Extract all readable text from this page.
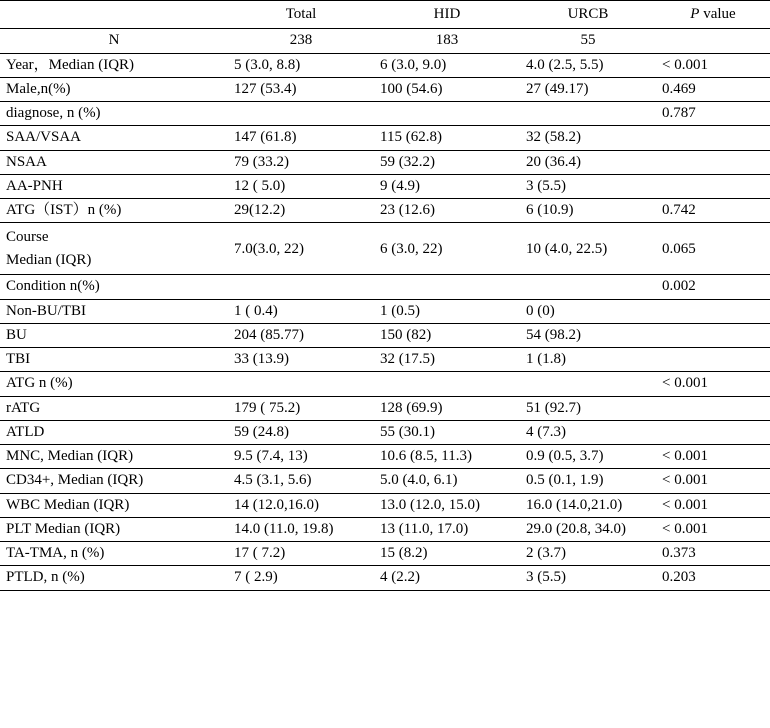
	Total	HID	URCB	P value

N	238	183	55	

Year，Median (IQR)	5 (3.0, 8.8)	6 (3.0, 9.0)	4.0 (2.5, 5.5)	< 0.001

Male,n(%)	127 (53.4)	100 (54.6)	27 (49.17)	0.469

diagnose, n (%)				0.787

SAA/VSAA	147 (61.8)	115 (62.8)	32 (58.2)	

NSAA	79 (33.2)	59 (32.2)	20 (36.4)	

AA-PNH	12 ( 5.0)	9 (4.9)	3 (5.5)	

ATG（IST）n (%)	29(12.2)	23 (12.6)	6 (10.9)	0.742

Course
Median (IQR)	7.0(3.0, 22)	6 (3.0, 22)	10 (4.0, 22.5)	0.065

Condition n(%)				0.002

Non-BU/TBI	1 ( 0.4)	1 (0.5)	0 (0)	

BU	204 (85.77)	150 (82)	54 (98.2)	

TBI	33 (13.9)	32 (17.5)	1 (1.8)	

ATG n (%)				< 0.001

rATG	179 ( 75.2)	128 (69.9)	51 (92.7)	

ATLD	59 (24.8)	55 (30.1)	4 (7.3)	

MNC, Median (IQR)	9.5 (7.4, 13)	10.6 (8.5, 11.3)	0.9 (0.5, 3.7)	< 0.001

CD34+, Median (IQR)	4.5 (3.1, 5.6)	5.0 (4.0, 6.1)	0.5 (0.1, 1.9)	< 0.001

WBC Median (IQR)	14 (12.0,16.0)	13.0 (12.0, 15.0)	16.0 (14.0,21.0)	< 0.001

PLT Median (IQR)	14.0 (11.0, 19.8)	13 (11.0, 17.0)	29.0 (20.8, 34.0)	< 0.001

TA-TMA, n (%)	17 ( 7.2)	15 (8.2)	2 (3.7)	0.373

PTLD, n (%)	7 ( 2.9)	4 (2.2)	3 (5.5)	0.203
